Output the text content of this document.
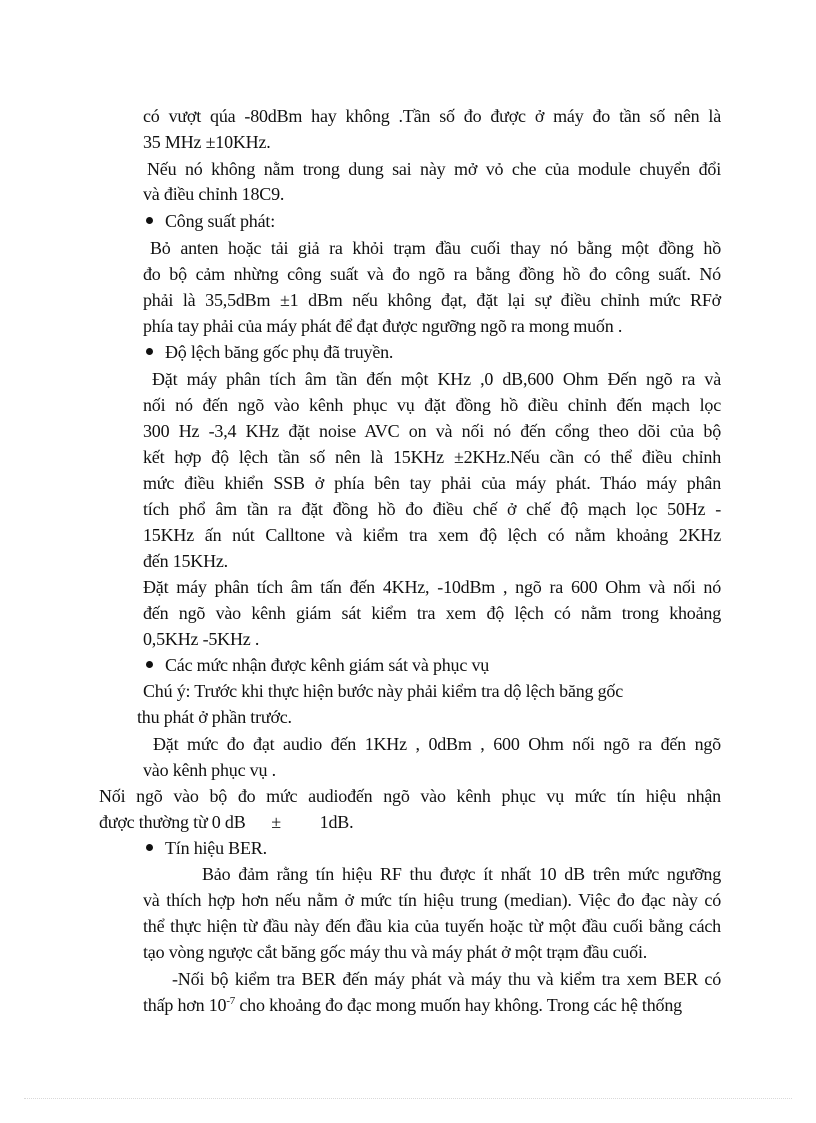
có vượt qúa -80dBm hay không .Tần số đo được ở máy đo tần số nên là
35 MHz ±10KHz.
Nếu nó không nằm trong dung sai này mở vỏ che của module chuyển đổi
và điều chỉnh 18C9.
Công suất phát:
Bỏ anten hoặc tải giả ra khỏi trạm đầu cuối thay nó bằng một đồng hồ
đo bộ cảm nhừng công suất và đo ngõ ra bằng đồng hồ đo công suất. Nó
phải là 35,5dBm ±1 dBm nếu không đạt, đặt lại sự điều chỉnh mức RFở
phía tay phải của máy phát để đạt được ngưỡng ngõ ra mong muốn .
Độ lệch băng gốc phụ đã truyền.
Đặt máy phân tích âm tần đến một KHz ,0 dB,600 Ohm Đến ngõ ra và
nối nó đến ngõ vào kênh phục vụ đặt đồng hồ điều chỉnh đến mạch lọc
300 Hz -3,4 KHz đặt noise AVC on và nối nó đến cổng theo dõi của bộ
kết hợp độ lệch tần số nên là 15KHz ±2KHz.Nếu cần có thể điều chỉnh
mức điều khiển SSB ở phía bên tay phải của máy phát. Tháo máy phân
tích phổ âm tần ra đặt đồng hồ đo điều chế ở chế độ mạch lọc 50Hz -
15KHz ấn nút Calltone và kiểm tra xem độ lệch có nằm khoảng 2KHz
đến 15KHz.
Đặt máy phân tích âm tấn đến 4KHz, -10dBm , ngõ ra 600 Ohm và nối nó
đến ngõ vào kênh giám sát kiểm tra xem độ lệch có nằm trong khoảng
0,5KHz -5KHz .
Các mức nhận được kênh giám sát và phục vụ
Chú ý: Trước khi thực hiện bước này phải kiểm tra dộ lệch băng gốc
thu phát ở phần trước.
Đặt mức đo đạt audio đến 1KHz , 0dBm , 600 Ohm nối ngõ ra đến ngõ
vào kênh phục vụ .
Nối ngõ vào bộ đo mức audiođến ngõ vào kênh phục vụ mức tín hiệu nhận
được thường từ 0 dB      ±         1dB.
Tín hiệu BER.
Bảo đảm rằng tín hiệu RF thu được ít nhất 10 dB trên mức ngưỡng
và thích hợp hơn nếu nằm ở mức tín hiệu trung (median). Việc đo đạc này có
thể thực hiện từ đầu này đến đầu kia của tuyến hoặc từ một đầu cuối bằng cách
tạo vòng ngược cắt băng gốc máy thu và máy phát ở một trạm đầu cuối.
-Nối bộ kiểm tra BER đến máy phát và máy thu và kiểm tra xem BER có
thấp hơn $10^{-7}$ cho khoảng đo đạc mong muốn hay không. Trong các hệ thống
